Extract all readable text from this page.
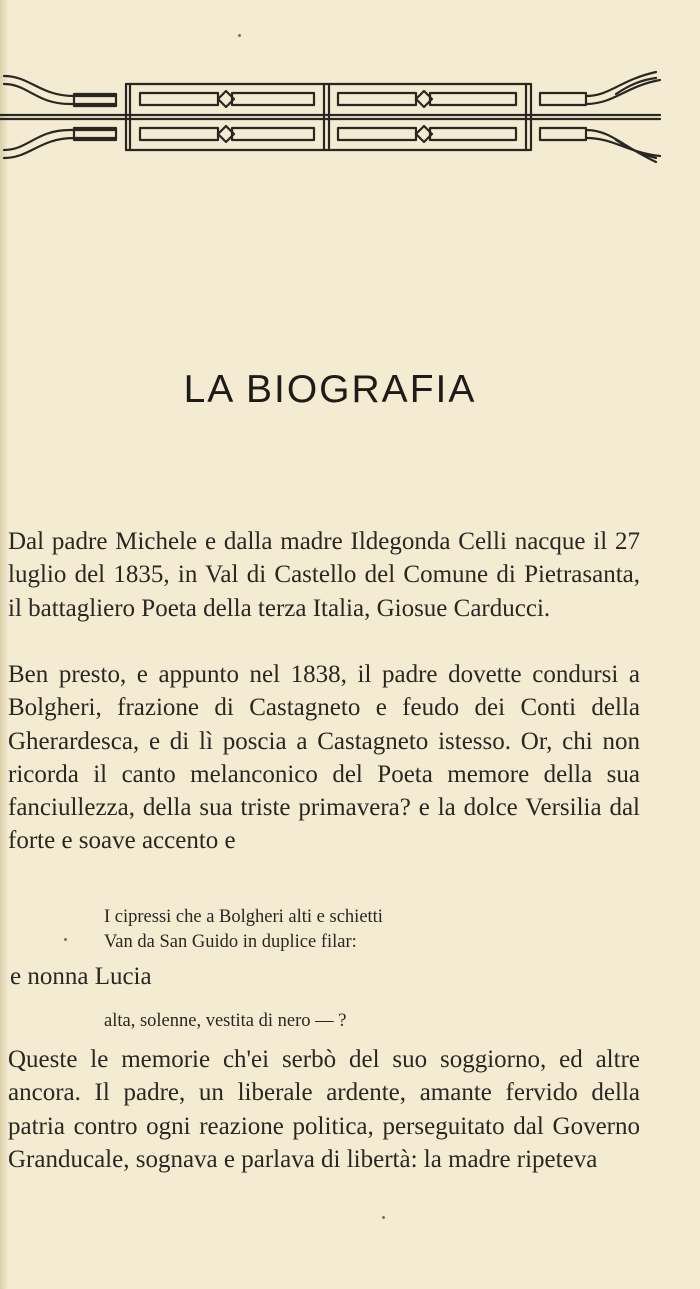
LA BIOGRAFIA

Dal padre Michele e dalla madre Ildegonda Celli nacque il 27 luglio del 1835, in Val di Castello del Comune di Pietrasanta, il battagliero Poeta della terza Italia, Giosue Carducci.

Ben presto, e appunto nel 1838, il padre dovette condursi a Bolgheri, frazione di Castagneto e feudo dei Conti della Gherardesca, e di lì poscia a Castagneto istesso. Or, chi non ricorda il canto melanconico del Poeta memore della sua fanciullezza, della sua triste primavera? e la dolce Versilia dal forte e soave accento e

I cipressi che a Bolgheri alti e schietti

Van da San Guido in duplice filar:

e nonna Lucia

alta, solenne, vestita di nero — ?

Queste le memorie ch'ei serbò del suo soggiorno, ed altre ancora. Il padre, un liberale ardente, amante fervido della patria contro ogni reazione politica, perseguitato dal Governo Granducale, sognava e parlava di libertà: la madre ripeteva
